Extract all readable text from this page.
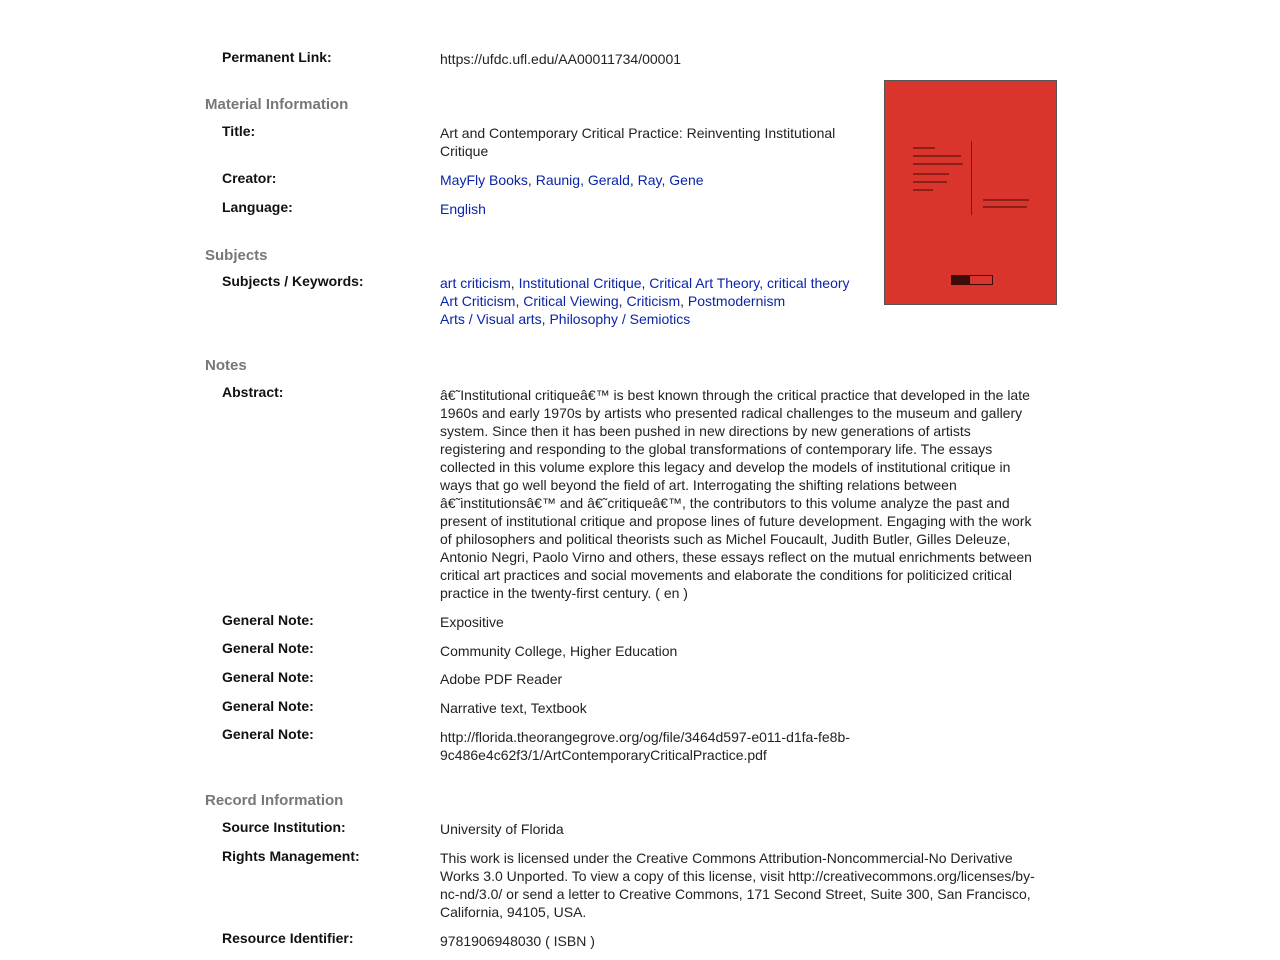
Permanent Link:	https://ufdc.ufl.edu/AA00011734/00001
Material Information
Title:	Art and Contemporary Critical Practice: Reinventing Institutional
Critique
Creator:	MayFly Books, Raunig, Gerald, Ray, Gene
Language:	English
Subjects
Subjects / Keywords:	art criticism, Institutional Critique, Critical Art Theory, critical theory
Art Criticism, Critical Viewing, Criticism, Postmodernism
Arts / Visual arts, Philosophy / Semiotics
Notes
Abstract:	â€˜Institutional critiqueâ€™ is best known through the critical practice that developed in the late
1960s and early 1970s by artists who presented radical challenges to the museum and gallery
system. Since then it has been pushed in new directions by new generations of artists
registering and responding to the global transformations of contemporary life. The essays
collected in this volume explore this legacy and develop the models of institutional critique in
ways that go well beyond the field of art. Interrogating the shifting relations between
â€˜institutionsâ€™ and â€˜critiqueâ€™, the contributors to this volume analyze the past and
present of institutional critique and propose lines of future development. Engaging with the work
of philosophers and political theorists such as Michel Foucault, Judith Butler, Gilles Deleuze,
Antonio Negri, Paolo Virno and others, these essays reflect on the mutual enrichments between
critical art practices and social movements and elaborate the conditions for politicized critical
practice in the twenty-first century. ( en )
General Note:	Expositive
General Note:	Community College, Higher Education
General Note:	Adobe PDF Reader
General Note:	Narrative text, Textbook
General Note:	http://florida.theorangegrove.org/og/file/3464d597-e011-d1fa-fe8b-
9c486e4c62f3/1/ArtContemporaryCriticalPractice.pdf
Record Information
Source Institution:	University of Florida
Rights Management:	This work is licensed under the Creative Commons Attribution-Noncommercial-No Derivative
Works 3.0 Unported. To view a copy of this license, visit http://creativecommons.org/licenses/by-
nc-nd/3.0/ or send a letter to Creative Commons, 171 Second Street, Suite 300, San Francisco,
California, 94105, USA.
Resource Identifier:	9781906948030 ( ISBN )
